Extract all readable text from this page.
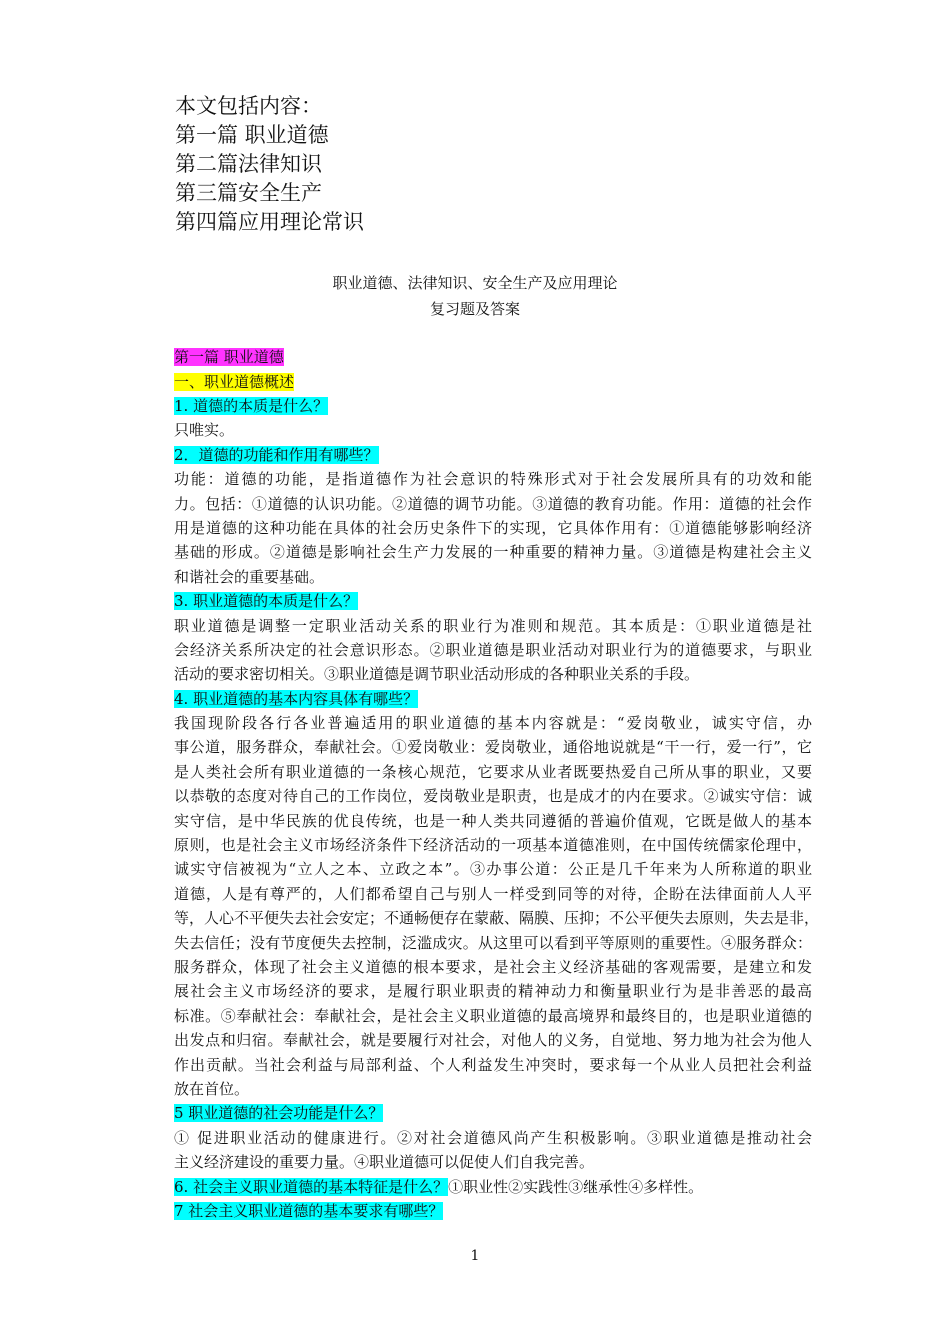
本文包括内容：
第一篇 职业道德
第二篇法律知识
第三篇安全生产
第四篇应用理论常识
职业道德、法律知识、安全生产及应用理论
复习题及答案
第一篇 职业道德
一、职业道德概述
1. 道德的本质是什么？
只唯实。
2．道德的功能和作用有哪些？
功能：道德的功能，是指道德作为社会意识的特殊形式对于社会发展所具有的功效和能
力。包括：①道德的认识功能。②道德的调节功能。③道德的教育功能。作用：道德的社会作
用是道德的这种功能在具体的社会历史条件下的实现，它具体作用有：①道德能够影响经济
基础的形成。②道德是影响社会生产力发展的一种重要的精神力量。③道德是构建社会主义
和谐社会的重要基础。
3. 职业道德的本质是什么？
职业道德是调整一定职业活动关系的职业行为准则和规范。其本质是：①职业道德是社
会经济关系所决定的社会意识形态。②职业道德是职业活动对职业行为的道德要求，与职业
活动的要求密切相关。③职业道德是调节职业活动形成的各种职业关系的手段。
4. 职业道德的基本内容具体有哪些？
我国现阶段各行各业普遍适用的职业道德的基本内容就是：“爱岗敬业，诚实守信，办
事公道，服务群众，奉献社会。①爱岗敬业：爱岗敬业，通俗地说就是“干一行，爱一行”，它
是人类社会所有职业道德的一条核心规范，它要求从业者既要热爱自己所从事的职业，又要
以恭敬的态度对待自己的工作岗位，爱岗敬业是职责，也是成才的内在要求。②诚实守信：诚
实守信，是中华民族的优良传统，也是一种人类共同遵循的普遍价值观，它既是做人的基本
原则，也是社会主义市场经济条件下经济活动的一项基本道德准则，在中国传统儒家伦理中，
诚实守信被视为“立人之本、立政之本”。③办事公道：公正是几千年来为人所称道的职业
道德，人是有尊严的，人们都希望自己与别人一样受到同等的对待，企盼在法律面前人人平
等，人心不平便失去社会安定；不通畅便存在蒙蔽、隔膜、压抑；不公平便失去原则，失去是非，
失去信任；没有节度便失去控制，泛滥成灾。从这里可以看到平等原则的重要性。④服务群众：
服务群众，体现了社会主义道德的根本要求，是社会主义经济基础的客观需要，是建立和发
展社会主义市场经济的要求，是履行职业职责的精神动力和衡量职业行为是非善恶的最高
标准。⑤奉献社会：奉献社会，是社会主义职业道德的最高境界和最终目的，也是职业道德的
出发点和归宿。奉献社会，就是要履行对社会，对他人的义务，自觉地、努力地为社会为他人
作出贡献。当社会利益与局部利益、个人利益发生冲突时，要求每一个从业人员把社会利益
放在首位。
5 职业道德的社会功能是什么？
① 促进职业活动的健康进行。②对社会道德风尚产生积极影响。③职业道德是推动社会
主义经济建设的重要力量。④职业道德可以促使人们自我完善。
6. 社会主义职业道德的基本特征是什么？①职业性②实践性③继承性④多样性。
7 社会主义职业道德的基本要求有哪些？
1
